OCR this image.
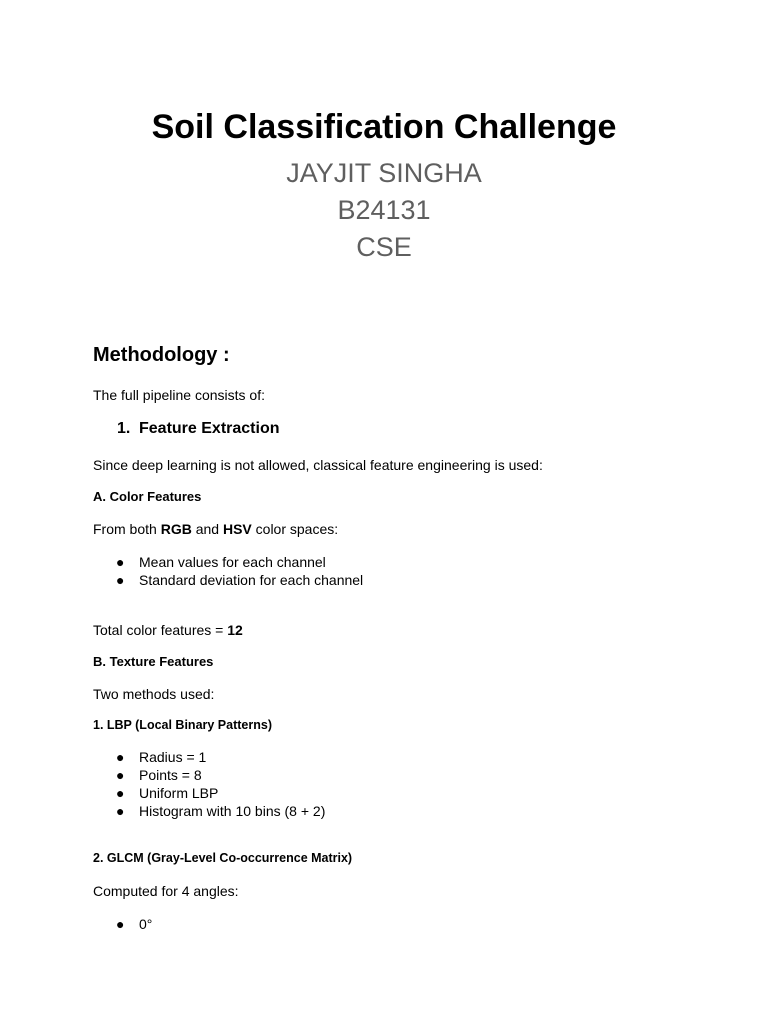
Soil Classification Challenge
JAYJIT SINGHA
B24131
CSE
Methodology :
The full pipeline consists of:
1. Feature Extraction
Since deep learning is not allowed, classical feature engineering is used:
A. Color Features
From both RGB and HSV color spaces:
● Mean values for each channel
● Standard deviation for each channel
Total color features = 12
B. Texture Features
Two methods used:
1. LBP (Local Binary Patterns)
● Radius = 1
● Points = 8
● Uniform LBP
● Histogram with 10 bins (8 + 2)
2. GLCM (Gray-Level Co-occurrence Matrix)
Computed for 4 angles:
● 0°
